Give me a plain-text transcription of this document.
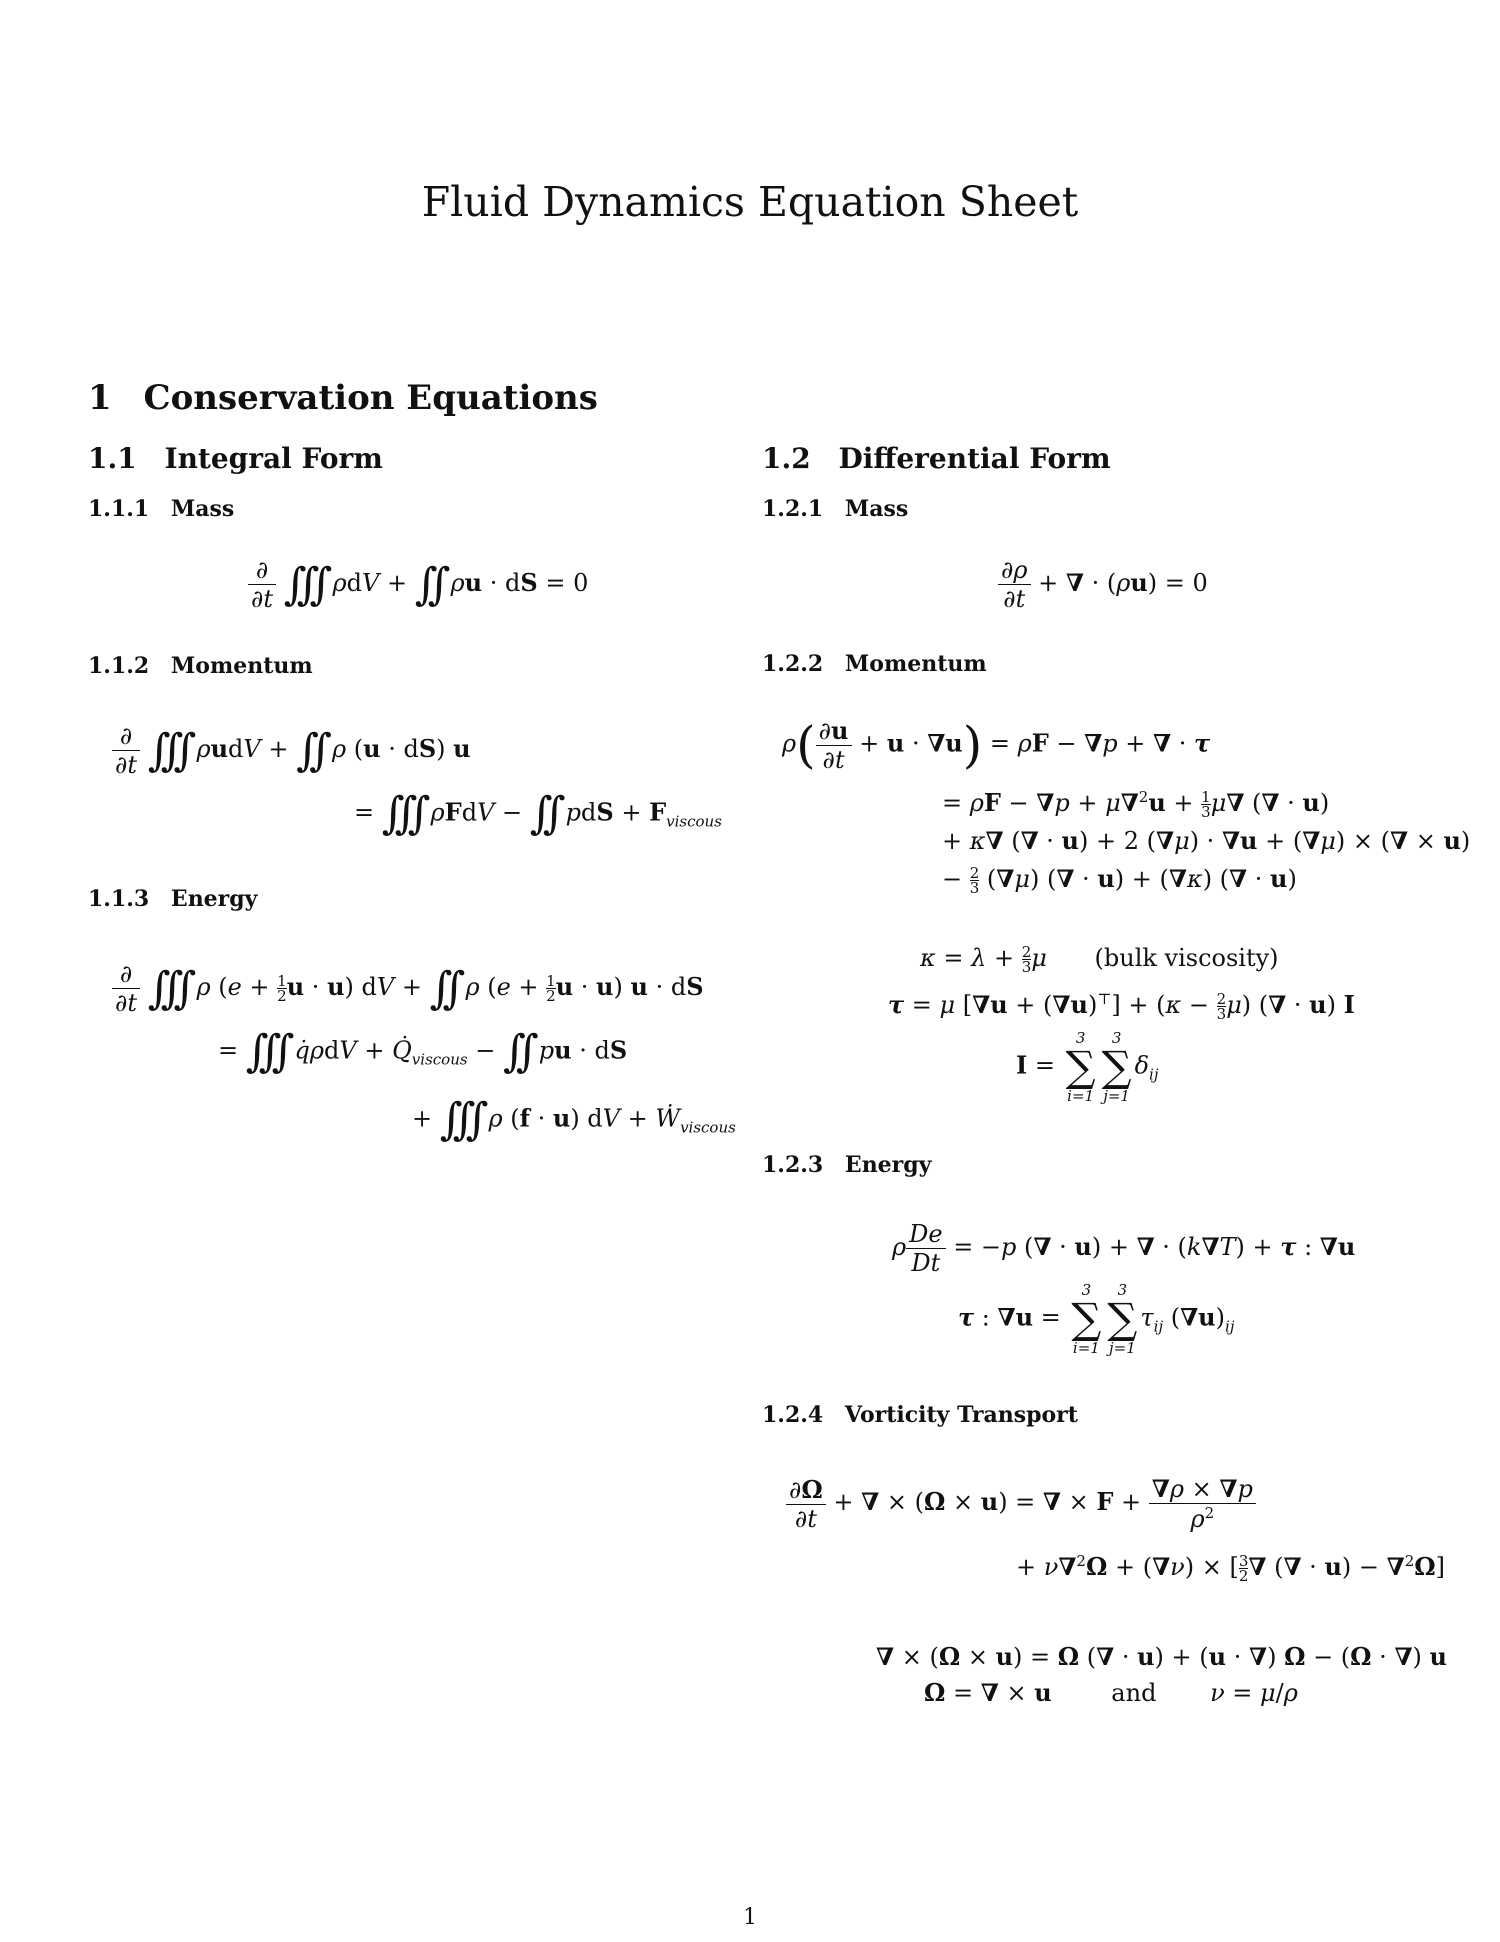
Fluid Dynamics Equation Sheet
1 Conservation Equations
1.1 Integral Form
1.1.1 Mass
$\frac{\partial}{\partial t}$ ∫∫∫ ρdV + ∫∫ ρu · dS = 0
1.1.2 Momentum
$\frac{\partial}{\partial t}$ ∫∫∫ ρudV + ∫∫ ρ (u · dS) u
= ∫∫∫ ρFdV − ∫∫ pdS + $F_{viscous}$
1.1.3 Energy
$\frac{\partial}{\partial t}$ ∫∫∫ ρ ($e + \frac{1}{2}$ u · u) dV + ∫∫ ρ ($e + \frac{1}{2}$ u · u) u · dS
= ∫∫∫ q̇ρdV + $Q̇_{viscous}$ − ∫∫ pu · dS
+ ∫∫∫ ρ (f · u) dV + Ẇ$_{viscous}$
1.2 Differential Form
1.2.1 Mass
$\frac{\partial\rho}{\partial t}$ + ∇ · (ρu) = 0
1.2.2 Momentum
$\rho( \frac{\partial u}{\partial t} + u \cdot \nabla u) = \rho F - \nabla p$ + ∇ · τ
= $\rho F - \nabla p + \mu\nabla^2u + \frac{1}{3} \mu\nabla$ (∇ · u)
+ κ∇ (∇ · u) + 2 (∇μ) · ∇u + (∇μ) × (∇ × u)
− $\frac{2}{3} (\nabla\mu)$ (∇ · u) + (∇κ) (∇ · u)
$\kappa = \lambda + \frac{2}{3}$ μ (bulk viscosity)
τ = μ $[\nabla u + (\nabla u)^⊤] + (\kappa - \frac{2}{3} \mu)$ (∇ · u) I
I =
3
∑
i=1
3
∑
j=1
$\delta_{ij}$
1.2.3 Energy
ρ $\frac{De}{Dt} = -p$ (∇ · u) + ∇ · (k∇T) + τ : ∇u
τ : ∇u =
3
∑
i=1
3
∑
j=1
$\tau_{ij}$ $(\nabla u)_{ij}$
1.2.4 Vorticity Transport
$\frac{\partial\Omega}{\partial t}$ + ∇ × (Ω × u) = ∇ × $F + \frac{\nabla\rho \times \nabla p}{\rho^2}$
+ ν∇$^2$Ω + (∇ν) × [ $\frac{3}{2}$ ∇ (∇ · u) − ∇$^2$Ω]
∇ × (Ω × u) = Ω (∇ · u) + (u · ∇) Ω − (Ω · ∇) u
Ω = ∇ × u and ν = μ/ρ
1
